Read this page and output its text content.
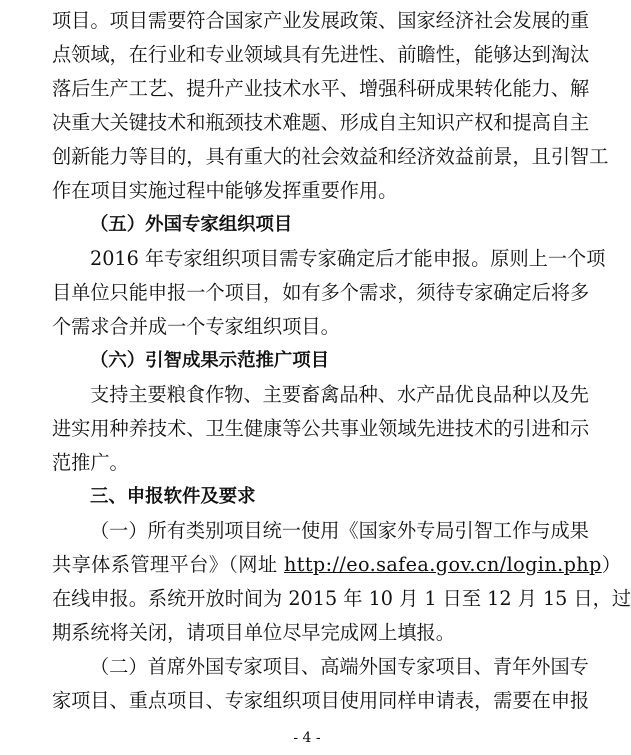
项目。项目需要符合国家产业发展政策、国家经济社会发展的重
点领域，在行业和专业领域具有先进性、前瞻性，能够达到淘汰
落后生产工艺、提升产业技术水平、增强科研成果转化能力、解
决重大关键技术和瓶颈技术难题、形成自主知识产权和提高自主
创新能力等目的，具有重大的社会效益和经济效益前景，且引智工
作在项目实施过程中能够发挥重要作用。
（五）外国专家组织项目
2016 年专家组织项目需专家确定后才能申报。原则上一个项
目单位只能申报一个项目，如有多个需求，须待专家确定后将多
个需求合并成一个专家组织项目。
（六）引智成果示范推广项目
支持主要粮食作物、主要畜禽品种、水产品优良品种以及先
进实用种养技术、卫生健康等公共事业领域先进技术的引进和示
范推广。
三、申报软件及要求
（一）所有类别项目统一使用《国家外专局引智工作与成果
共享体系管理平台》（网址 http://eo.safea.gov.cn/login.php）
在线申报。系统开放时间为 2015 年 10 月 1 日至 12 月 15 日，过
期系统将关闭，请项目单位尽早完成网上填报。
（二）首席外国专家项目、高端外国专家项目、青年外国专
家项目、重点项目、专家组织项目使用同样申请表，需要在申报
- 4 -
